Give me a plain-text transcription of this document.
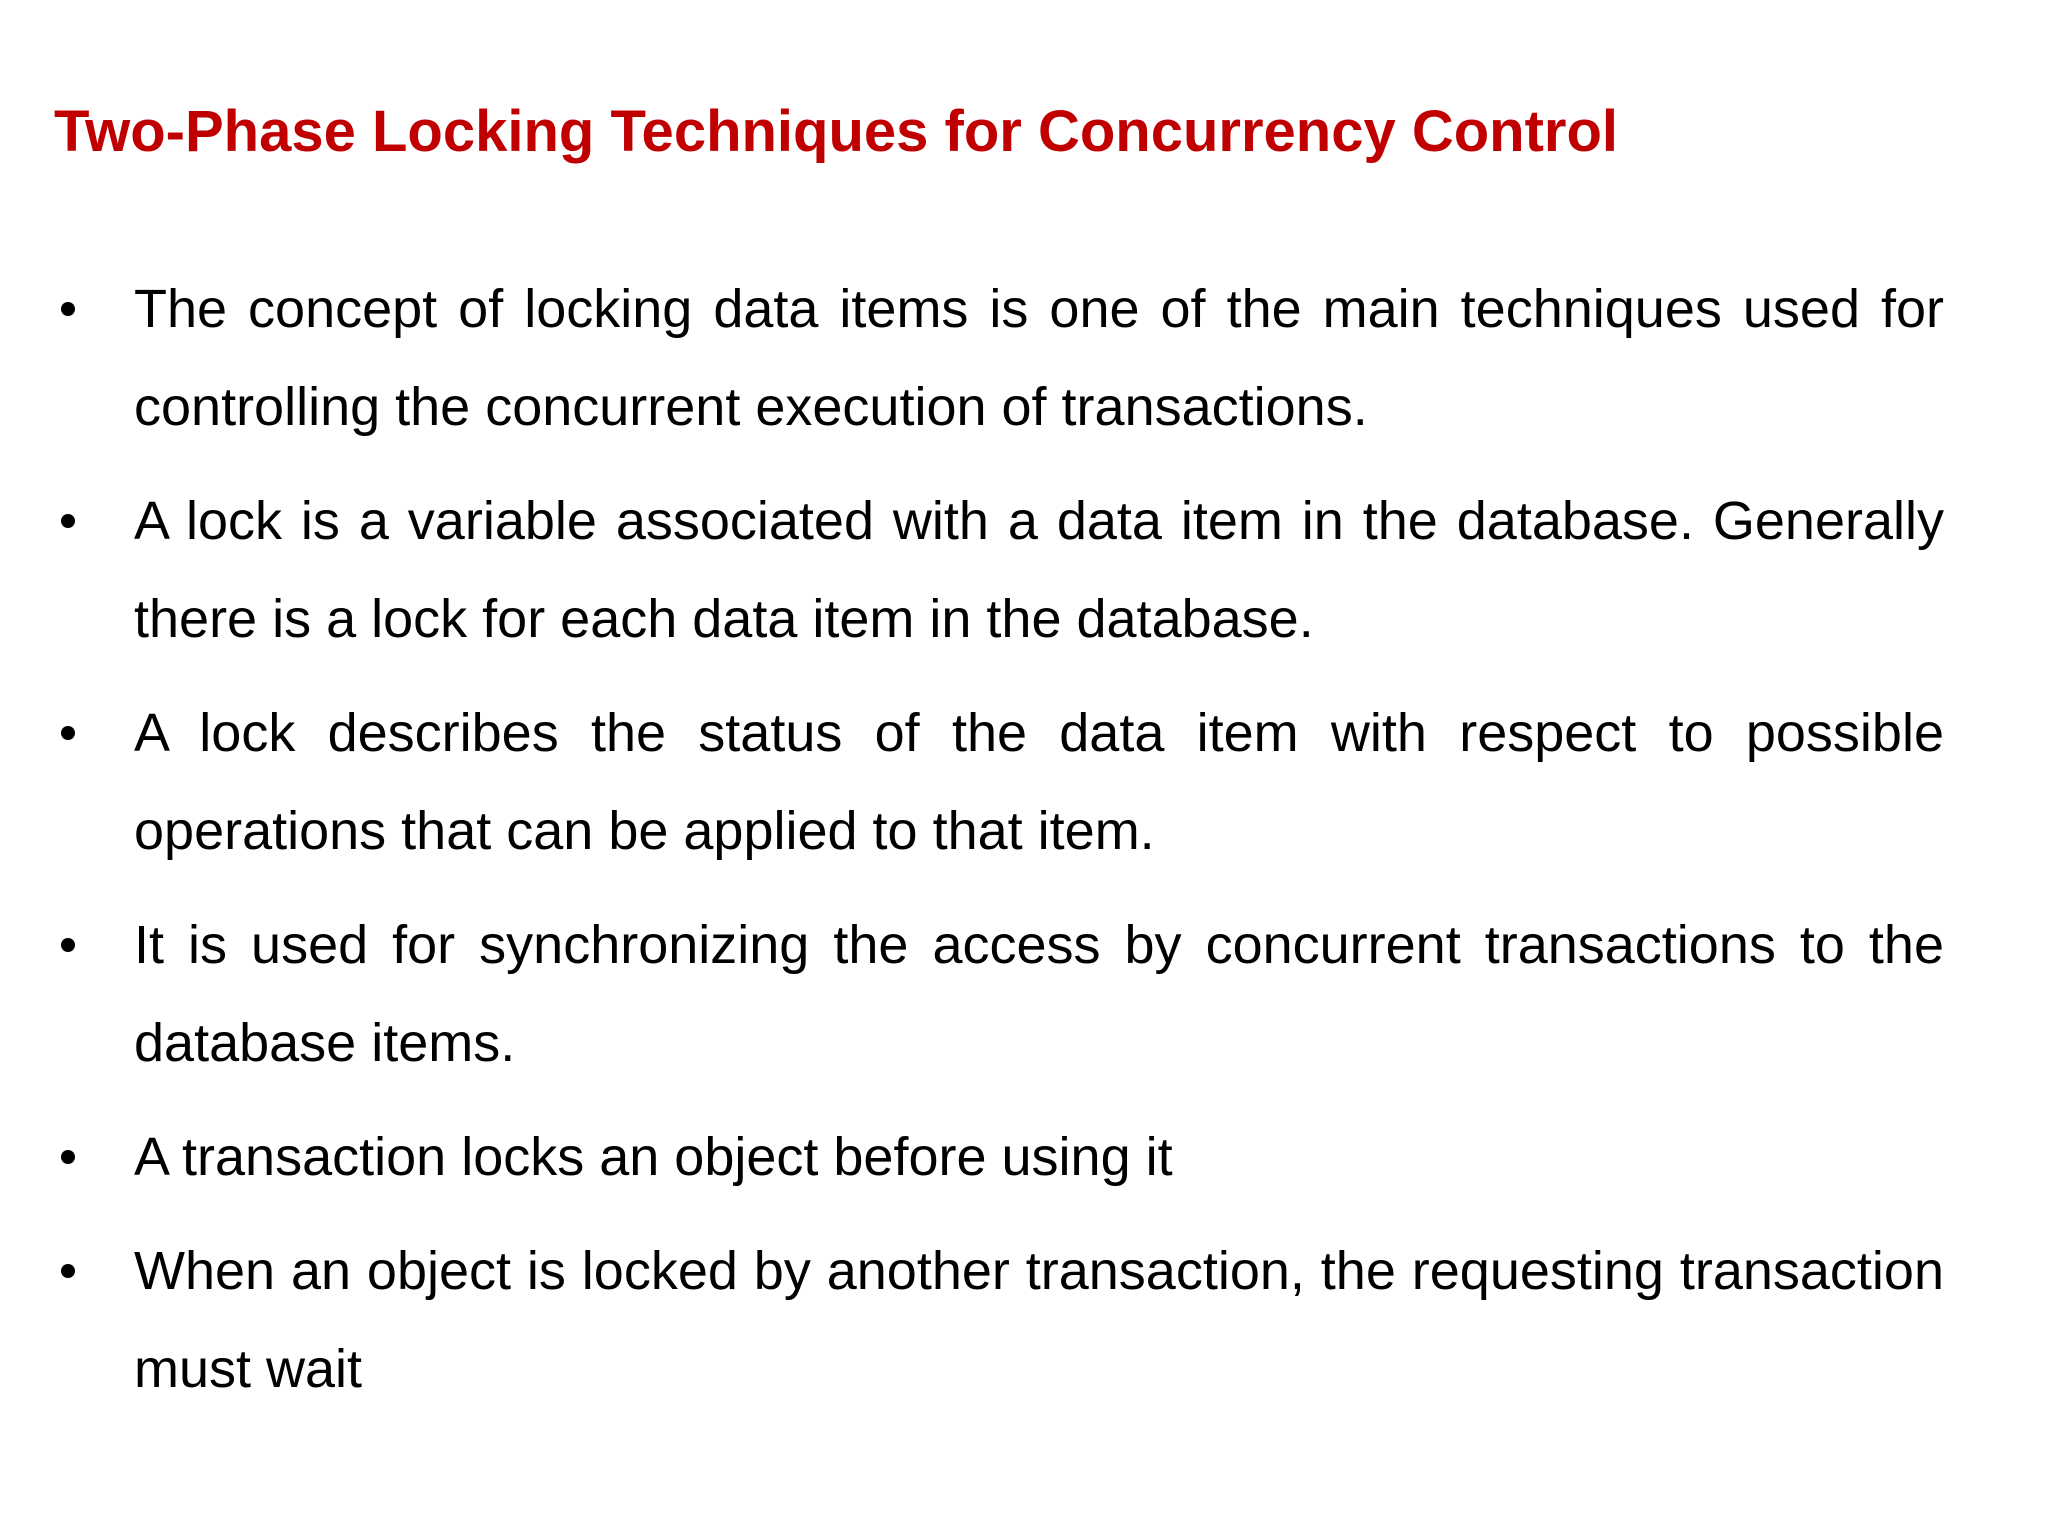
Two-Phase Locking Techniques for Concurrency Control
The concept of locking data items is one of the main techniques used for controlling the concurrent execution of transactions.
A lock is a variable associated with a data item in the database. Generally there is a lock for each data item in the database.
A lock describes the status of the data item with respect to possible operations that can be applied to that item.
It is used for synchronizing the access by concurrent transactions to the database items.
A transaction locks an object before using it
When an object is locked by another transaction, the requesting transaction must wait
